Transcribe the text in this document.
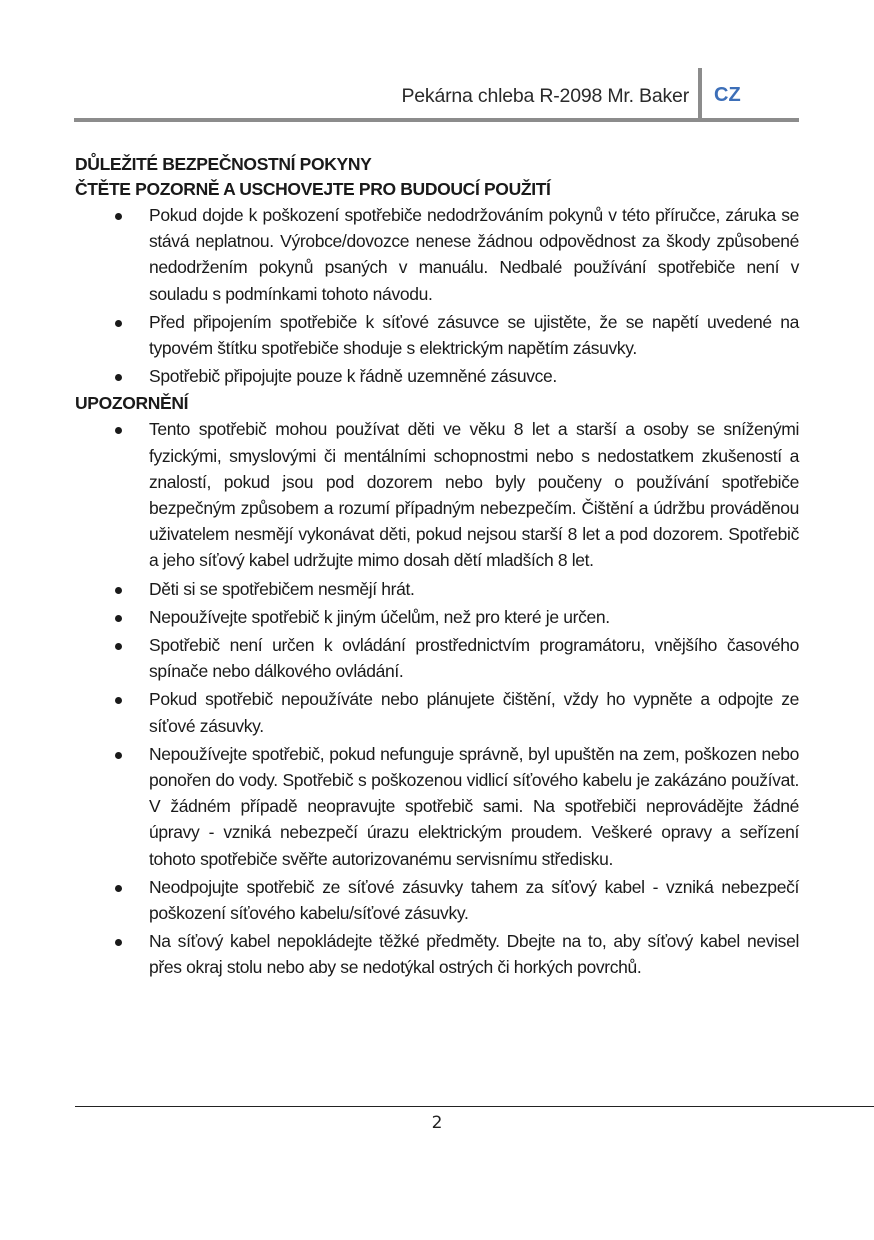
Pekárna chleba R-2098 Mr. Baker CZ

DŮLEŽITÉ BEZPEČNOSTNÍ POKYNY

ČTĚTE POZORNĚ A USCHOVEJTE PRO BUDOUCÍ POUŽITÍ

Pokud dojde k poškození spotřebiče nedodržováním pokynů v této příručce, záruka se stává neplatnou. Výrobce/dovozce nenese žádnou odpovědnost za škody způsobené nedodržením pokynů psaných v manuálu. Nedbalé používání spotřebiče není v souladu s podmínkami tohoto návodu.
Před připojením spotřebiče k síťové zásuvce se ujistěte, že se napětí uvedené na typovém štítku spotřebiče shoduje s elektrickým napětím zásuvky.
Spotřebič připojujte pouze k řádně uzemněné zásuvce.

UPOZORNĚNÍ

Tento spotřebič mohou používat děti ve věku 8 let a starší a osoby se sníženými fyzickými, smyslovými či mentálními schopnostmi nebo s nedostatkem zkušeností a znalostí, pokud jsou pod dozorem nebo byly poučeny o používání spotřebiče bezpečným způsobem a rozumí případným nebezpečím. Čištění a údržbu prováděnou uživatelem nesmějí vykonávat děti, pokud nejsou starší 8 let a pod dozorem. Spotřebič a jeho síťový kabel udržujte mimo dosah dětí mladších 8 let.
Děti si se spotřebičem nesmějí hrát.
Nepoužívejte spotřebič k jiným účelům, než pro které je určen.
Spotřebič není určen k ovládání prostřednictvím programátoru, vnějšího časového spínače nebo dálkového ovládání.
Pokud spotřebič nepoužíváte nebo plánujete čištění, vždy ho vypněte a odpojte ze síťové zásuvky.
Nepoužívejte spotřebič, pokud nefunguje správně, byl upuštěn na zem, poškozen nebo ponořen do vody. Spotřebič s poškozenou vidlicí síťového kabelu je zakázáno používat. V žádném případě neopravujte spotřebič sami. Na spotřebiči neprovádějte žádné úpravy - vzniká nebezpečí úrazu elektrickým proudem. Veškeré opravy a seřízení tohoto spotřebiče svěřte autorizovanému servisnímu středisku.
Neodpojujte spotřebič ze síťové zásuvky tahem za síťový kabel - vzniká nebezpečí poškození síťového kabelu/síťové zásuvky.
Na síťový kabel nepokládejte těžké předměty. Dbejte na to, aby síťový kabel nevisel přes okraj stolu nebo aby se nedotýkal ostrých či horkých povrchů.
2
